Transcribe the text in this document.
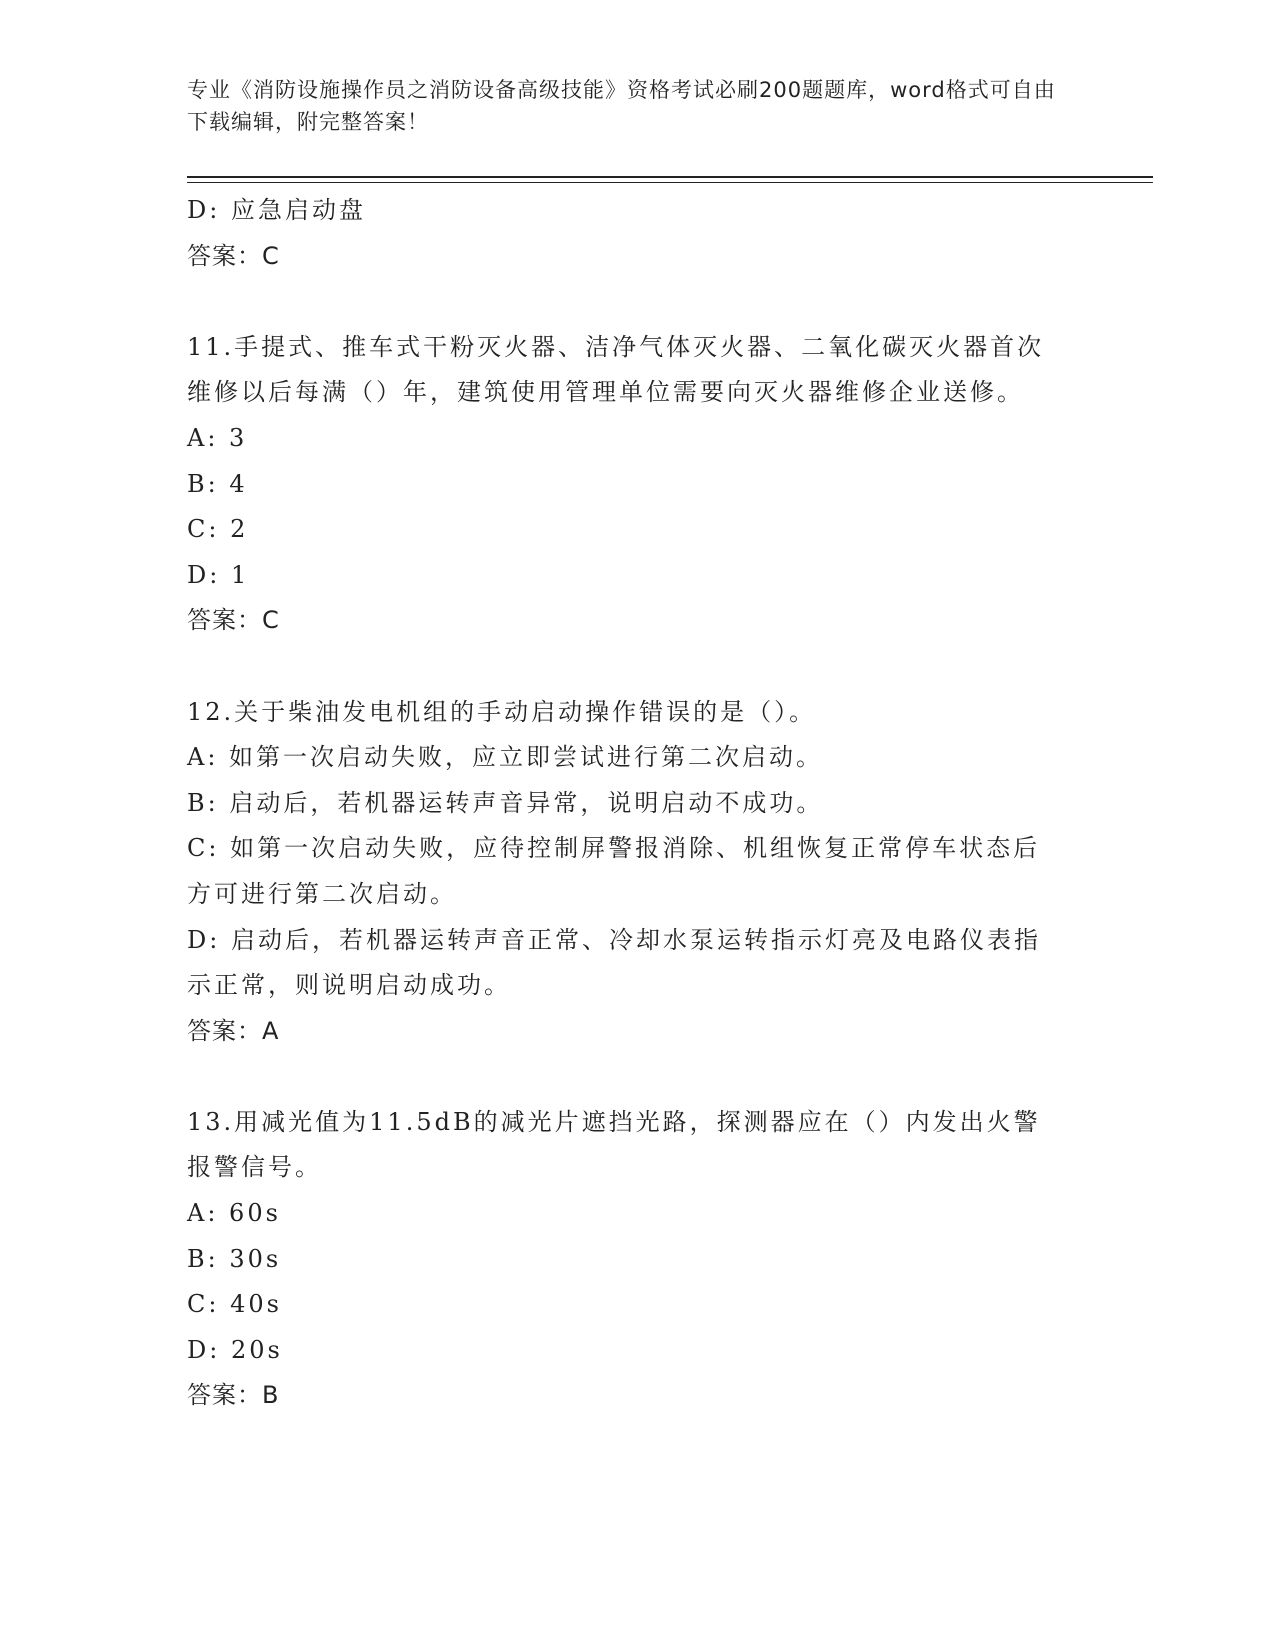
专业《消防设施操作员之消防设备高级技能》资格考试必刷200题题库，word格式可自由下载编辑，附完整答案！

D: 应急启动盘

答案：C

11.手提式、推车式干粉灭火器、洁净气体灭火器、二氧化碳灭火器首次维修以后每满（）年，建筑使用管理单位需要向灭火器维修企业送修。

A: 3

B: 4

C: 2

D: 1

答案：C

12.关于柴油发电机组的手动启动操作错误的是（）。

A: 如第一次启动失败，应立即尝试进行第二次启动。

B: 启动后，若机器运转声音异常，说明启动不成功。

C: 如第一次启动失败，应待控制屏警报消除、机组恢复正常停车状态后方可进行第二次启动。

D: 启动后，若机器运转声音正常、冷却水泵运转指示灯亮及电路仪表指示正常，则说明启动成功。

答案：A

13.用减光值为11.5dB的减光片遮挡光路，探测器应在（）内发出火警报警信号。

A: 60s

B: 30s

C: 40s

D: 20s

答案：B
